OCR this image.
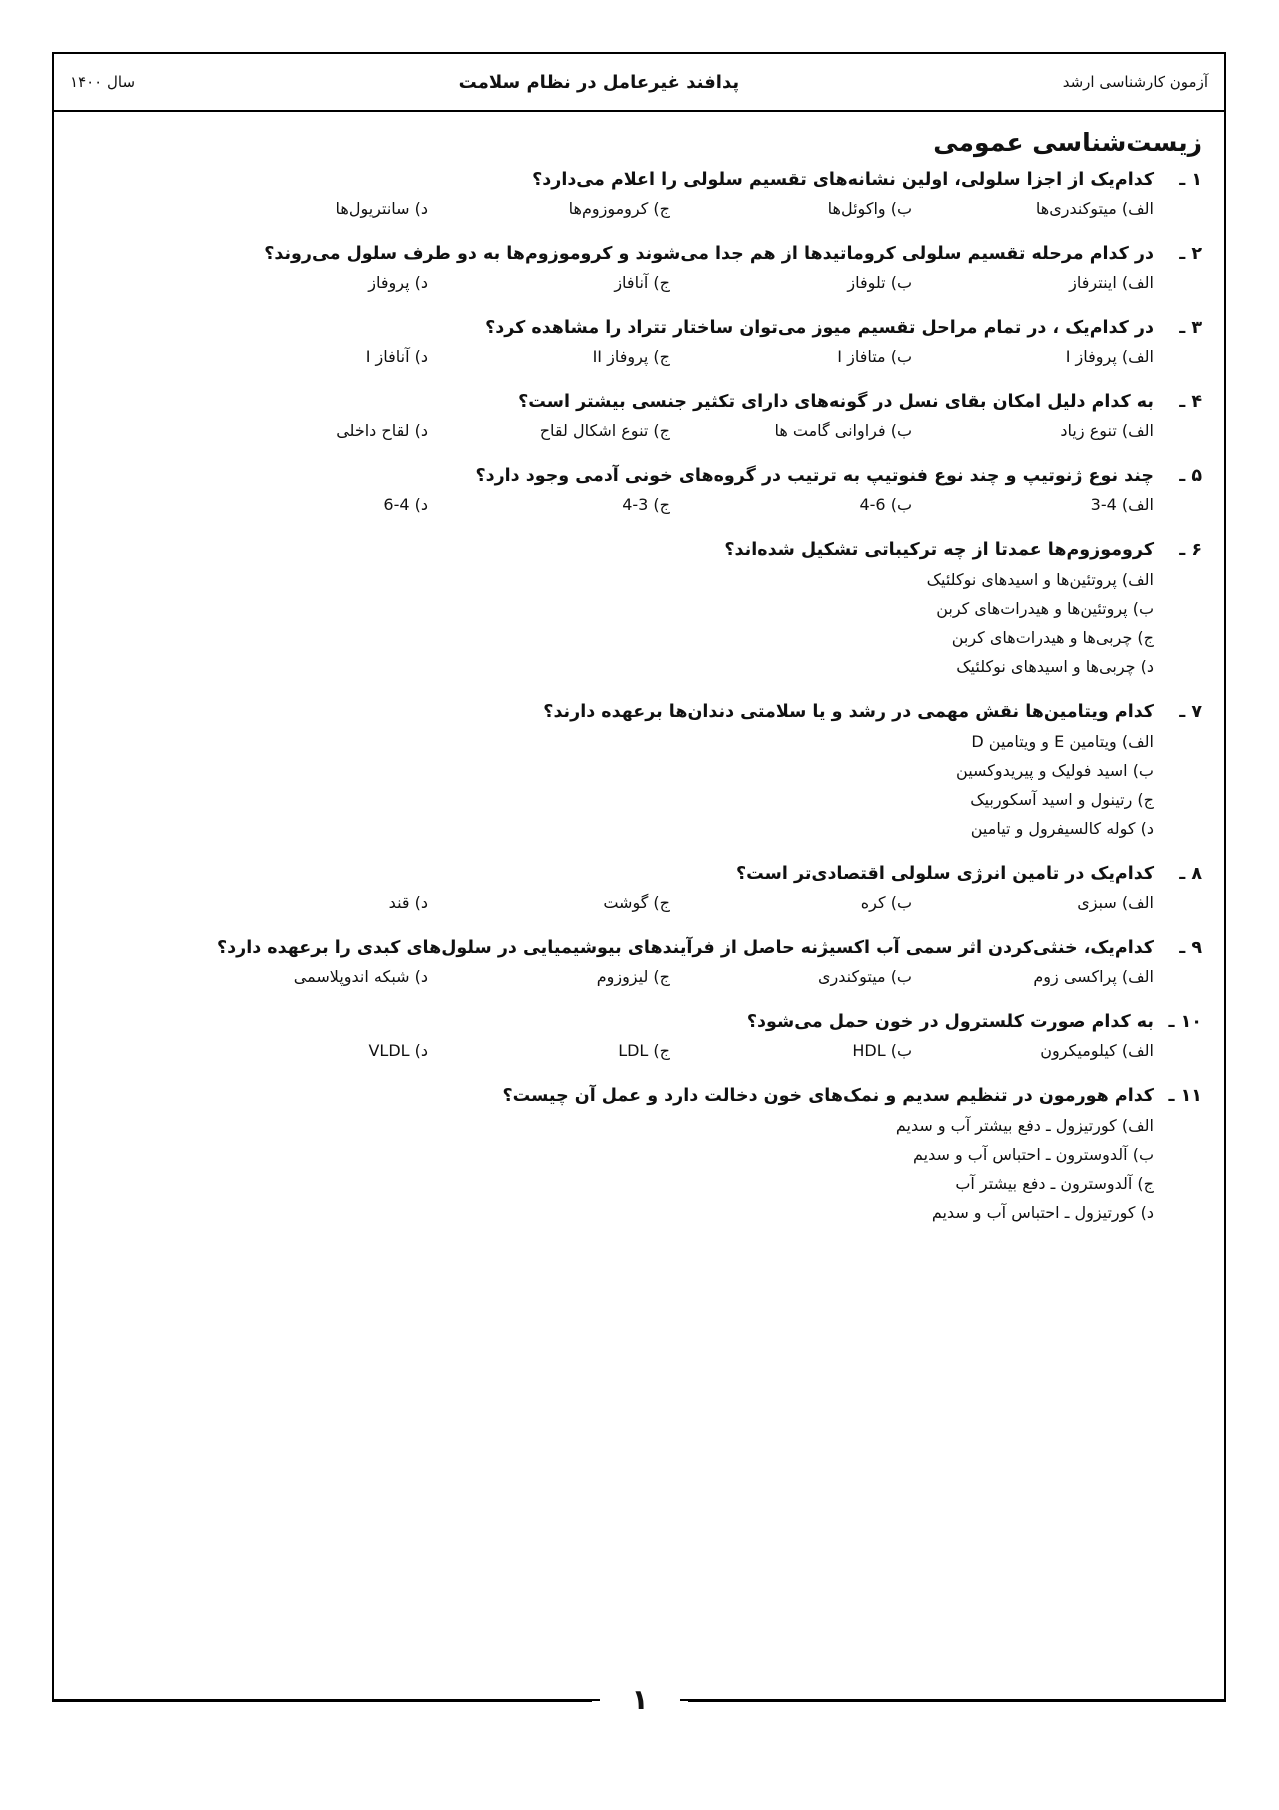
آزمون کارشناسی ارشد
پدافند غیرعامل در نظام سلامت
سال ۱۴۰۰
زیست‌شناسی عمومی
۱ ـ
کدام‌یک از اجزا سلولی، اولین نشانه‌های تقسیم سلولی را اعلام می‌دارد؟
الف) میتوکندری‌ها
ب) واکوئل‌ها
ج) کروموزوم‌ها
د) سانتریول‌ها
۲ ـ
در کدام مرحله تقسیم سلولی کروماتیدها از هم جدا می‌شوند و کروموزوم‌ها به دو طرف سلول می‌روند؟
الف) اینترفاز
ب) تلوفاز
ج) آنافاز
د) پروفاز
۳ ـ
در کدام‌یک ، در تمام مراحل تقسیم میوز می‌توان ساختار تتراد را مشاهده کرد؟
الف) پروفاز I
ب) متافاز I
ج) پروفاز II
د) آنافاز I
۴ ـ
به کدام دلیل امکان بقای نسل در گونه‌های دارای تکثیر جنسی بیشتر است؟
الف) تنوع زیاد
ب) فراوانی گامت ها
ج) تنوع اشکال لقاح
د) لقاح داخلی
۵ ـ
چند نوع ژنوتیپ و چند نوع فنوتیپ به ترتیب در گروه‌های خونی آدمی وجود دارد؟
الف) 4-3
ب) 6-4
ج) 3-4
د) 4-6
۶ ـ
کروموزوم‌ها عمدتا از چه ترکیباتی تشکیل شده‌اند؟
الف) پروتئین‌ها و اسیدهای نوکلئیک
ب) پروتئین‌ها و هیدرات‌های کربن
ج) چربی‌ها و هیدرات‌های کربن
د) چربی‌ها و اسیدهای نوکلئیک
۷ ـ
کدام ویتامین‌ها نقش مهمی در رشد و یا سلامتی دندان‌ها برعهده دارند؟
الف) ویتامین E و ویتامین D
ب) اسید فولیک و پیریدوکسین
ج) رتینول و اسید آسکوربیک
د) کوله کالسیفرول و تیامین
۸ ـ
کدام‌یک در تامین انرژی سلولی اقتصادی‌تر است؟
الف) سبزی
ب) کره
ج) گوشت
د) قند
۹ ـ
کدام‌یک، خنثی‌کردن اثر سمی آب اکسیژنه حاصل از فرآیندهای بیوشیمیایی در سلول‌های کبدی را برعهده دارد؟
الف) پراکسی زوم
ب) میتوکندری
ج) لیزوزوم
د) شبکه اندوپلاسمی
۱۰ ـ
به کدام صورت کلسترول در خون حمل می‌شود؟
الف) کیلومیکرون
ب) HDL
ج) LDL
د) VLDL
۱۱ ـ
کدام هورمون در تنظیم سدیم و نمک‌های خون دخالت دارد و عمل آن چیست؟
الف) کورتیزول ـ دفع بیشتر آب و سدیم
ب) آلدوسترون ـ احتباس آب و سدیم
ج) آلدوسترون ـ دفع بیشتر آب
د) کورتیزول ـ احتباس آب و سدیم
۱
